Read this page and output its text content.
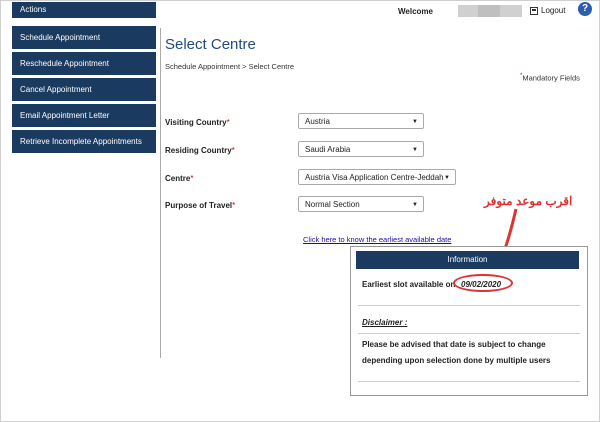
Actions
Schedule Appointment
Reschedule Appointment
Cancel Appointment
Email Appointment Letter
Retrieve Incomplete Appointments
Welcome	Logout	?
Select Centre
Schedule Appointment > Select Centre
*Mandatory Fields
Visiting Country*	Austria	▼
Residing Country*	Saudi Arabia	▼
Centre*	Austria Visa Application Centre-Jeddah ▼
Purpose of Travel*	Normal Section	▼	اقرب موعد متوفر
Click here to know the earliest available date
Information
Earliest slot available on 09/02/2020
Disclaimer :
Please be advised that date is subject to change
depending upon selection done by multiple users
